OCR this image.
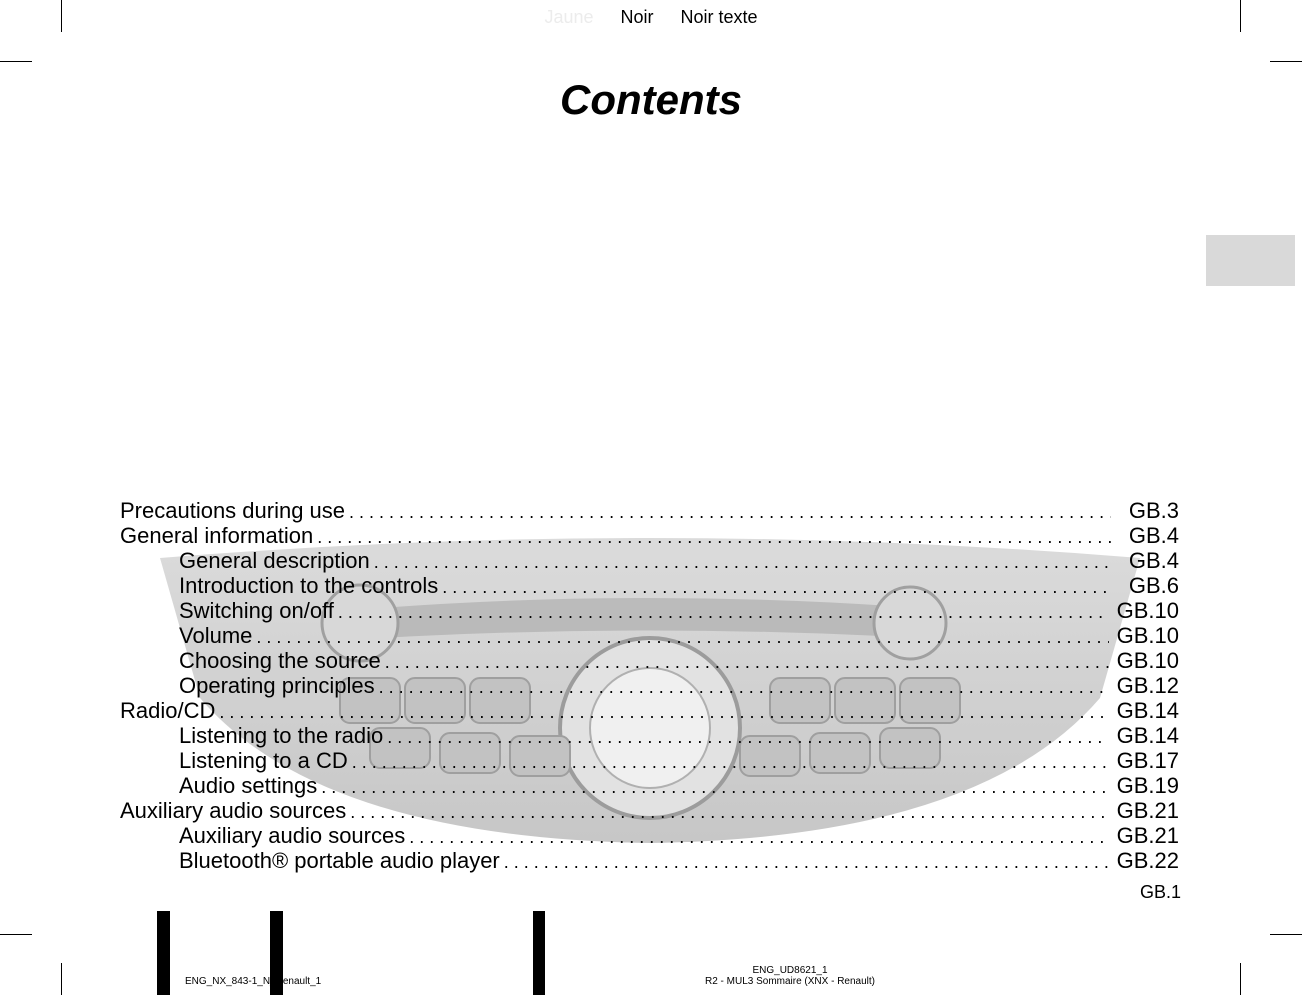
Jaune Noir Noir texte
Contents
Precautions during use . . .	GB.3
General information . . .	GB.4
General description . . .	GB.4
Introduction to the controls . . .	GB.6
Switching on/off . . .	GB.10
Volume . . .	GB.10
Choosing the source . . .	GB.10
Operating principles . . .	GB.12
Radio/CD . . .	GB.14
Listening to the radio . . .	GB.14
Listening to a CD . . .	GB.17
Audio settings . . .	GB.19
Auxiliary audio sources . . .	GB.21
Auxiliary audio sources . . .	GB.21
Bluetooth® portable audio player . . .	GB.22
GB.1
ENG_NX_843-1_N_Renault_1
ENG_UD8621_1
R2 - MUL3 Sommaire (XNX - Renault)
